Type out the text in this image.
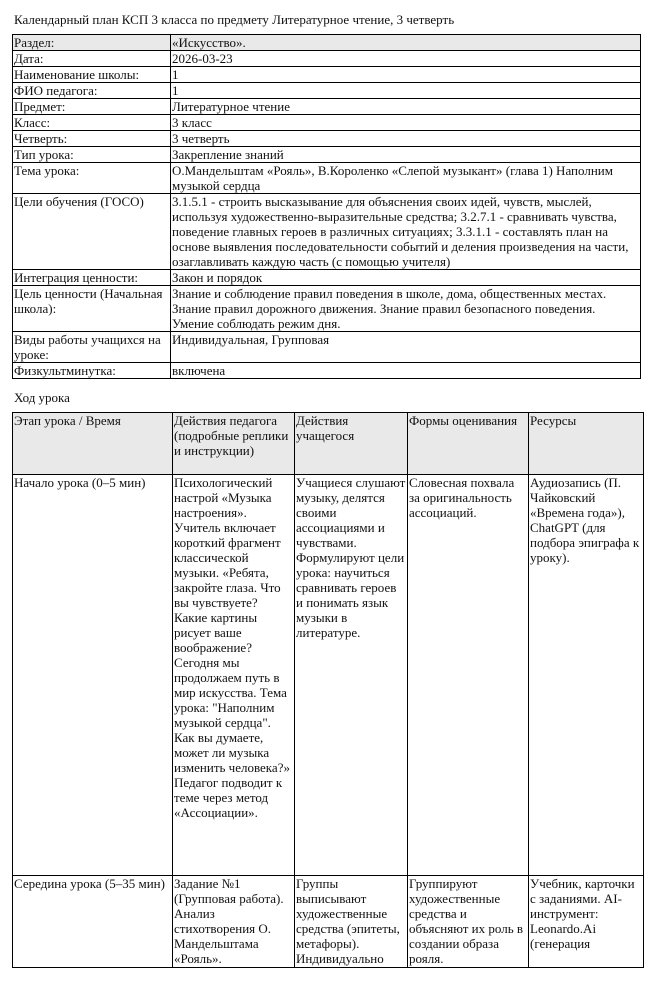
Календарный план КСП 3 класса по предмету Литературное чтение, 3 четверть
Раздел:	«Искусство».
Дата:	2026-03-23
Наименование школы:	1
ФИО педагога:	1
Предмет:	Литературное чтение
Класс:	3 класс
Четверть:	3 четверть
Тип урока:	Закрепление знаний
Тема урока:	О.Мандельштам «Рояль», В.Короленко «Слепой музыкант» (глава 1) Наполним музыкой сердца
Цели обучения (ГОСО)	3.1.5.1 - строить высказывание для объяснения своих идей, чувств, мыслей, используя художественно-выразительные средства; 3.2.7.1 - сравнивать чувства, поведение главных героев в различных ситуациях; 3.3.1.1 - составлять план на основе выявления последовательности событий и деления произведения на части, озаглавливать каждую часть (с помощью учителя)
Интеграция ценности:	Закон и порядок
Цель ценности (Начальная школа):	Знание и соблюдение правил поведения в школе, дома, общественных местах. Знание правил дорожного движения. Знание правил безопасного поведения. Умение соблюдать режим дня.
Виды работы учащихся на уроке:	Индивидуальная, Групповая
Физкультминутка:	включена
Ход урока
Этап урока / Время	Действия педагога (подробные реплики и инструкции)	Действия учащегося	Формы оценивания	Ресурсы
Начало урока (0–5 мин)	Психологический настрой «Музыка настроения». Учитель включает короткий фрагмент классической музыки. «Ребята, закройте глаза. Что вы чувствуете? Какие картины рисует ваше воображение? Сегодня мы продолжаем путь в мир искусства. Тема урока: "Наполним музыкой сердца". Как вы думаете, может ли музыка изменить человека?» Педагог подводит к теме через метод «Ассоциации».	Учащиеся слушают музыку, делятся своими ассоциациями и чувствами. Формулируют цели урока: научиться сравнивать героев и понимать язык музыки в литературе.	Словесная похвала за оригинальность ассоциаций.	Аудиозапись (П. Чайковский «Времена года»), ChatGPT (для подбора эпиграфа к уроку).
Середина урока (5–35 мин)	Задание №1 (Групповая работа). Анализ стихотворения О. Мандельштама «Рояль».	Группы выписывают художественные средства (эпитеты, метафоры). Индивидуально	Группируют художественные средства и объясняют их роль в создании образа рояля.	Учебник, карточки с заданиями. AI-инструмент: Leonardo.Ai (генерация
